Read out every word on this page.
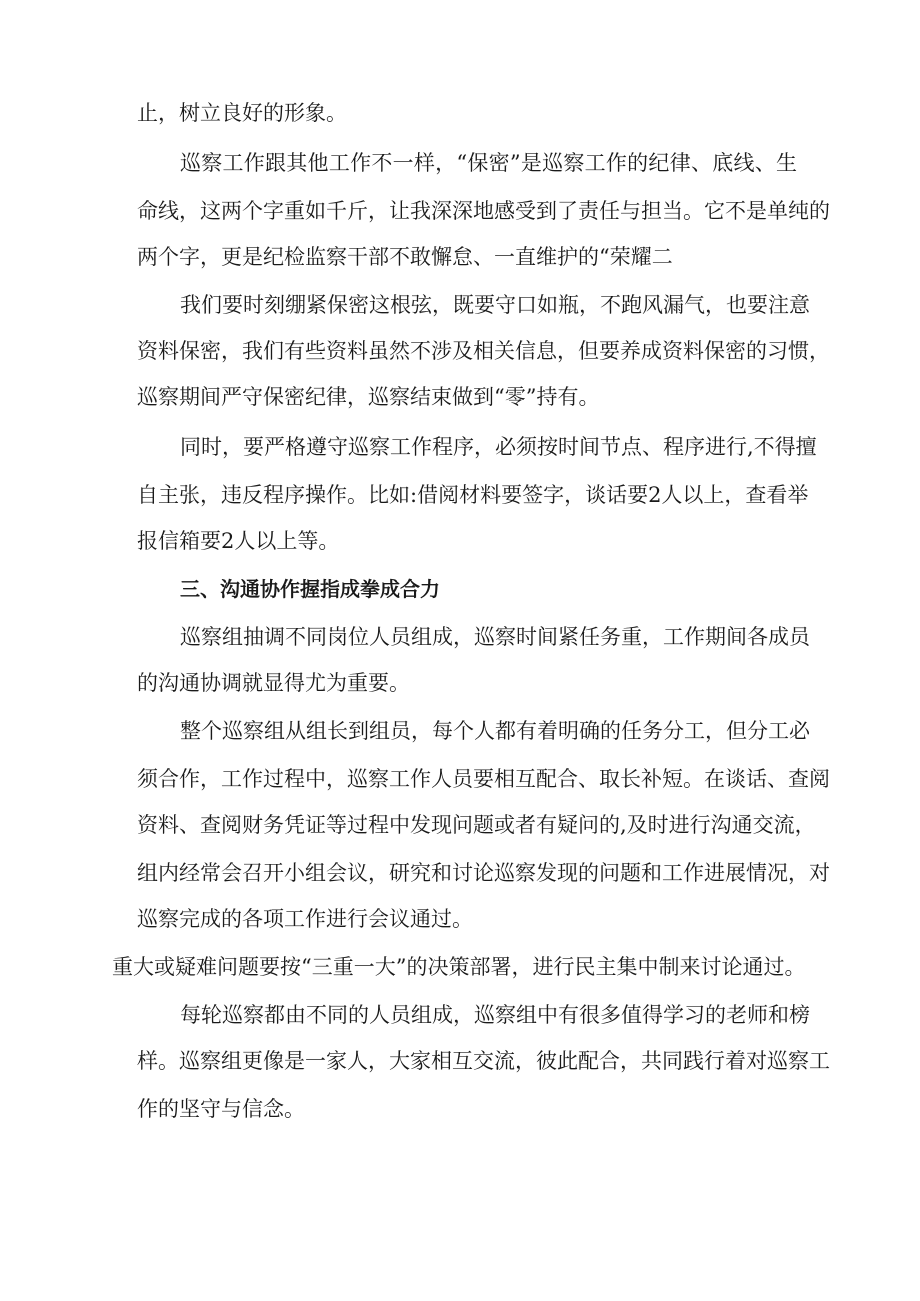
止，树立良好的形象。
巡察工作跟其他工作不一样，“保密”是巡察工作的纪律、底线、生
命线，这两个字重如千斤，让我深深地感受到了责任与担当。它不是单纯的
两个字，更是纪检监察干部不敢懈怠、一直维护的“荣耀二
我们要时刻绷紧保密这根弦，既要守口如瓶，不跑风漏气，也要注意
资料保密，我们有些资料虽然不涉及相关信息，但要养成资料保密的习惯，
巡察期间严守保密纪律，巡察结束做到“零”持有。
同时，要严格遵守巡察工作程序，必须按时间节点、程序进行,不得擅
自主张，违反程序操作。比如:借阅材料要签字，谈话要2人以上，查看举
报信箱要2人以上等。
三、沟通协作握指成拳成合力
巡察组抽调不同岗位人员组成，巡察时间紧任务重，工作期间各成员
的沟通协调就显得尤为重要。
整个巡察组从组长到组员，每个人都有着明确的任务分工，但分工必
须合作，工作过程中，巡察工作人员要相互配合、取长补短。在谈话、查阅
资料、查阅财务凭证等过程中发现问题或者有疑问的,及时进行沟通交流，
组内经常会召开小组会议，研究和讨论巡察发现的问题和工作进展情况，对
巡察完成的各项工作进行会议通过。
重大或疑难问题要按“三重一大”的决策部署，进行民主集中制来讨论通过。
每轮巡察都由不同的人员组成，巡察组中有很多值得学习的老师和榜
样。巡察组更像是一家人，大家相互交流，彼此配合，共同践行着对巡察工
作的坚守与信念。
